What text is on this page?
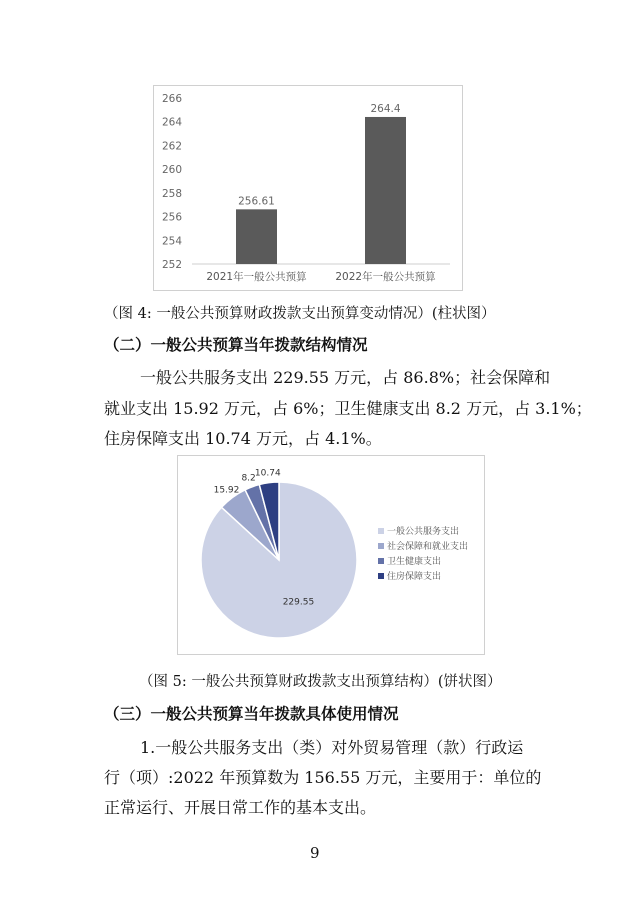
252
254
256
258
260
262
264
266
256.61
2021年一般公共预算
264.4
2022年一般公共预算
（图 4: 一般公共预算财政拨款支出预算变动情况）(柱状图）
（二）一般公共预算当年拨款结构情况
一般公共服务支出 229.55 万元，占 86.8%；社会保障和
就业支出 15.92 万元，占 6%；卫生健康支出 8.2 万元，占 3.1%；
住房保障支出 10.74 万元，占 4.1%。
229.55
15.92
8.2 10.74
一般公共服务支出
社会保障和就业支出
卫生健康支出
住房保障支出
（图 5: 一般公共预算财政拨款支出预算结构）(饼状图）
（三）一般公共预算当年拨款具体使用情况
1.一般公共服务支出（类）对外贸易管理（款）行政运
行（项）:2022 年预算数为 156.55 万元，主要用于：单位的
正常运行、开展日常工作的基本支出。
9
